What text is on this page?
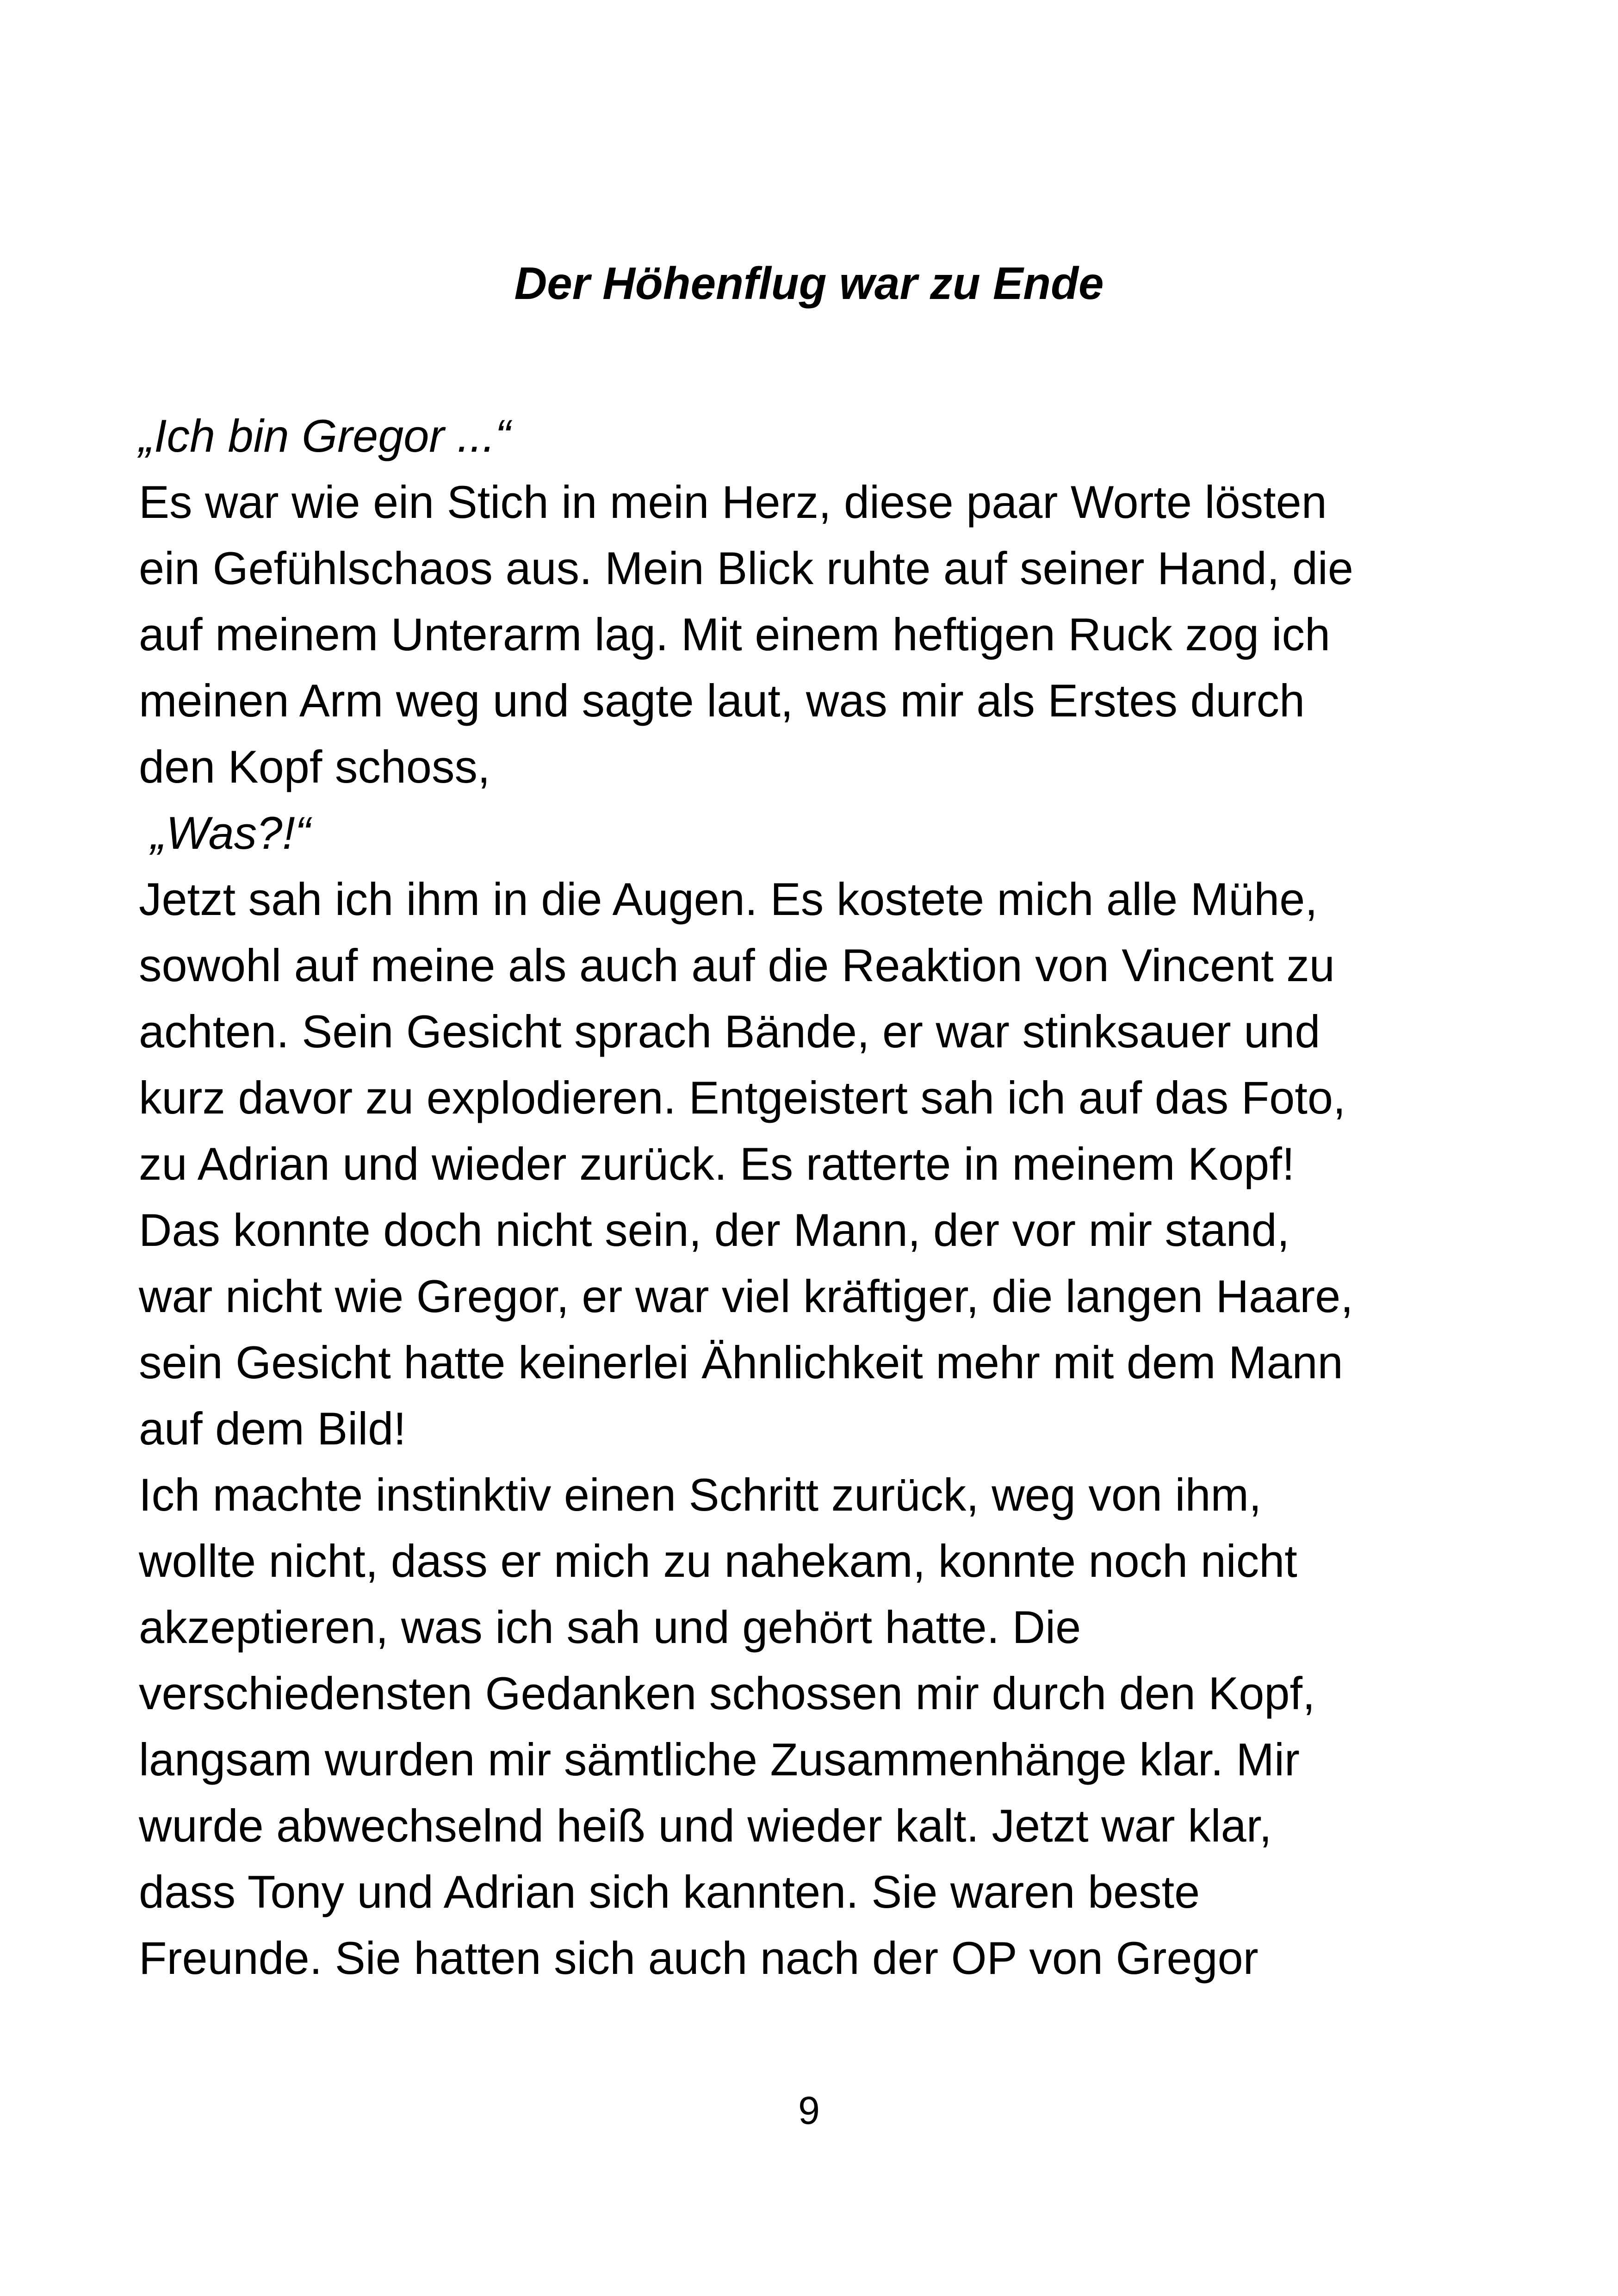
Der Höhenflug war zu Ende
„Ich bin Gregor ...“
Es war wie ein Stich in mein Herz, diese paar Worte lösten
ein Gefühlschaos aus. Mein Blick ruhte auf seiner Hand, die
auf meinem Unterarm lag. Mit einem heftigen Ruck zog ich
meinen Arm weg und sagte laut, was mir als Erstes durch
den Kopf schoss,
„Was?!“
Jetzt sah ich ihm in die Augen. Es kostete mich alle Mühe,
sowohl auf meine als auch auf die Reaktion von Vincent zu
achten. Sein Gesicht sprach Bände, er war stinksauer und
kurz davor zu explodieren. Entgeistert sah ich auf das Foto,
zu Adrian und wieder zurück. Es ratterte in meinem Kopf!
Das konnte doch nicht sein, der Mann, der vor mir stand,
war nicht wie Gregor, er war viel kräftiger, die langen Haare,
sein Gesicht hatte keinerlei Ähnlichkeit mehr mit dem Mann
auf dem Bild!
Ich machte instinktiv einen Schritt zurück, weg von ihm,
wollte nicht, dass er mich zu nahekam, konnte noch nicht
akzeptieren, was ich sah und gehört hatte. Die
verschiedensten Gedanken schossen mir durch den Kopf,
langsam wurden mir sämtliche Zusammenhänge klar. Mir
wurde abwechselnd heiß und wieder kalt. Jetzt war klar,
dass Tony und Adrian sich kannten. Sie waren beste
Freunde. Sie hatten sich auch nach der OP von Gregor
9
